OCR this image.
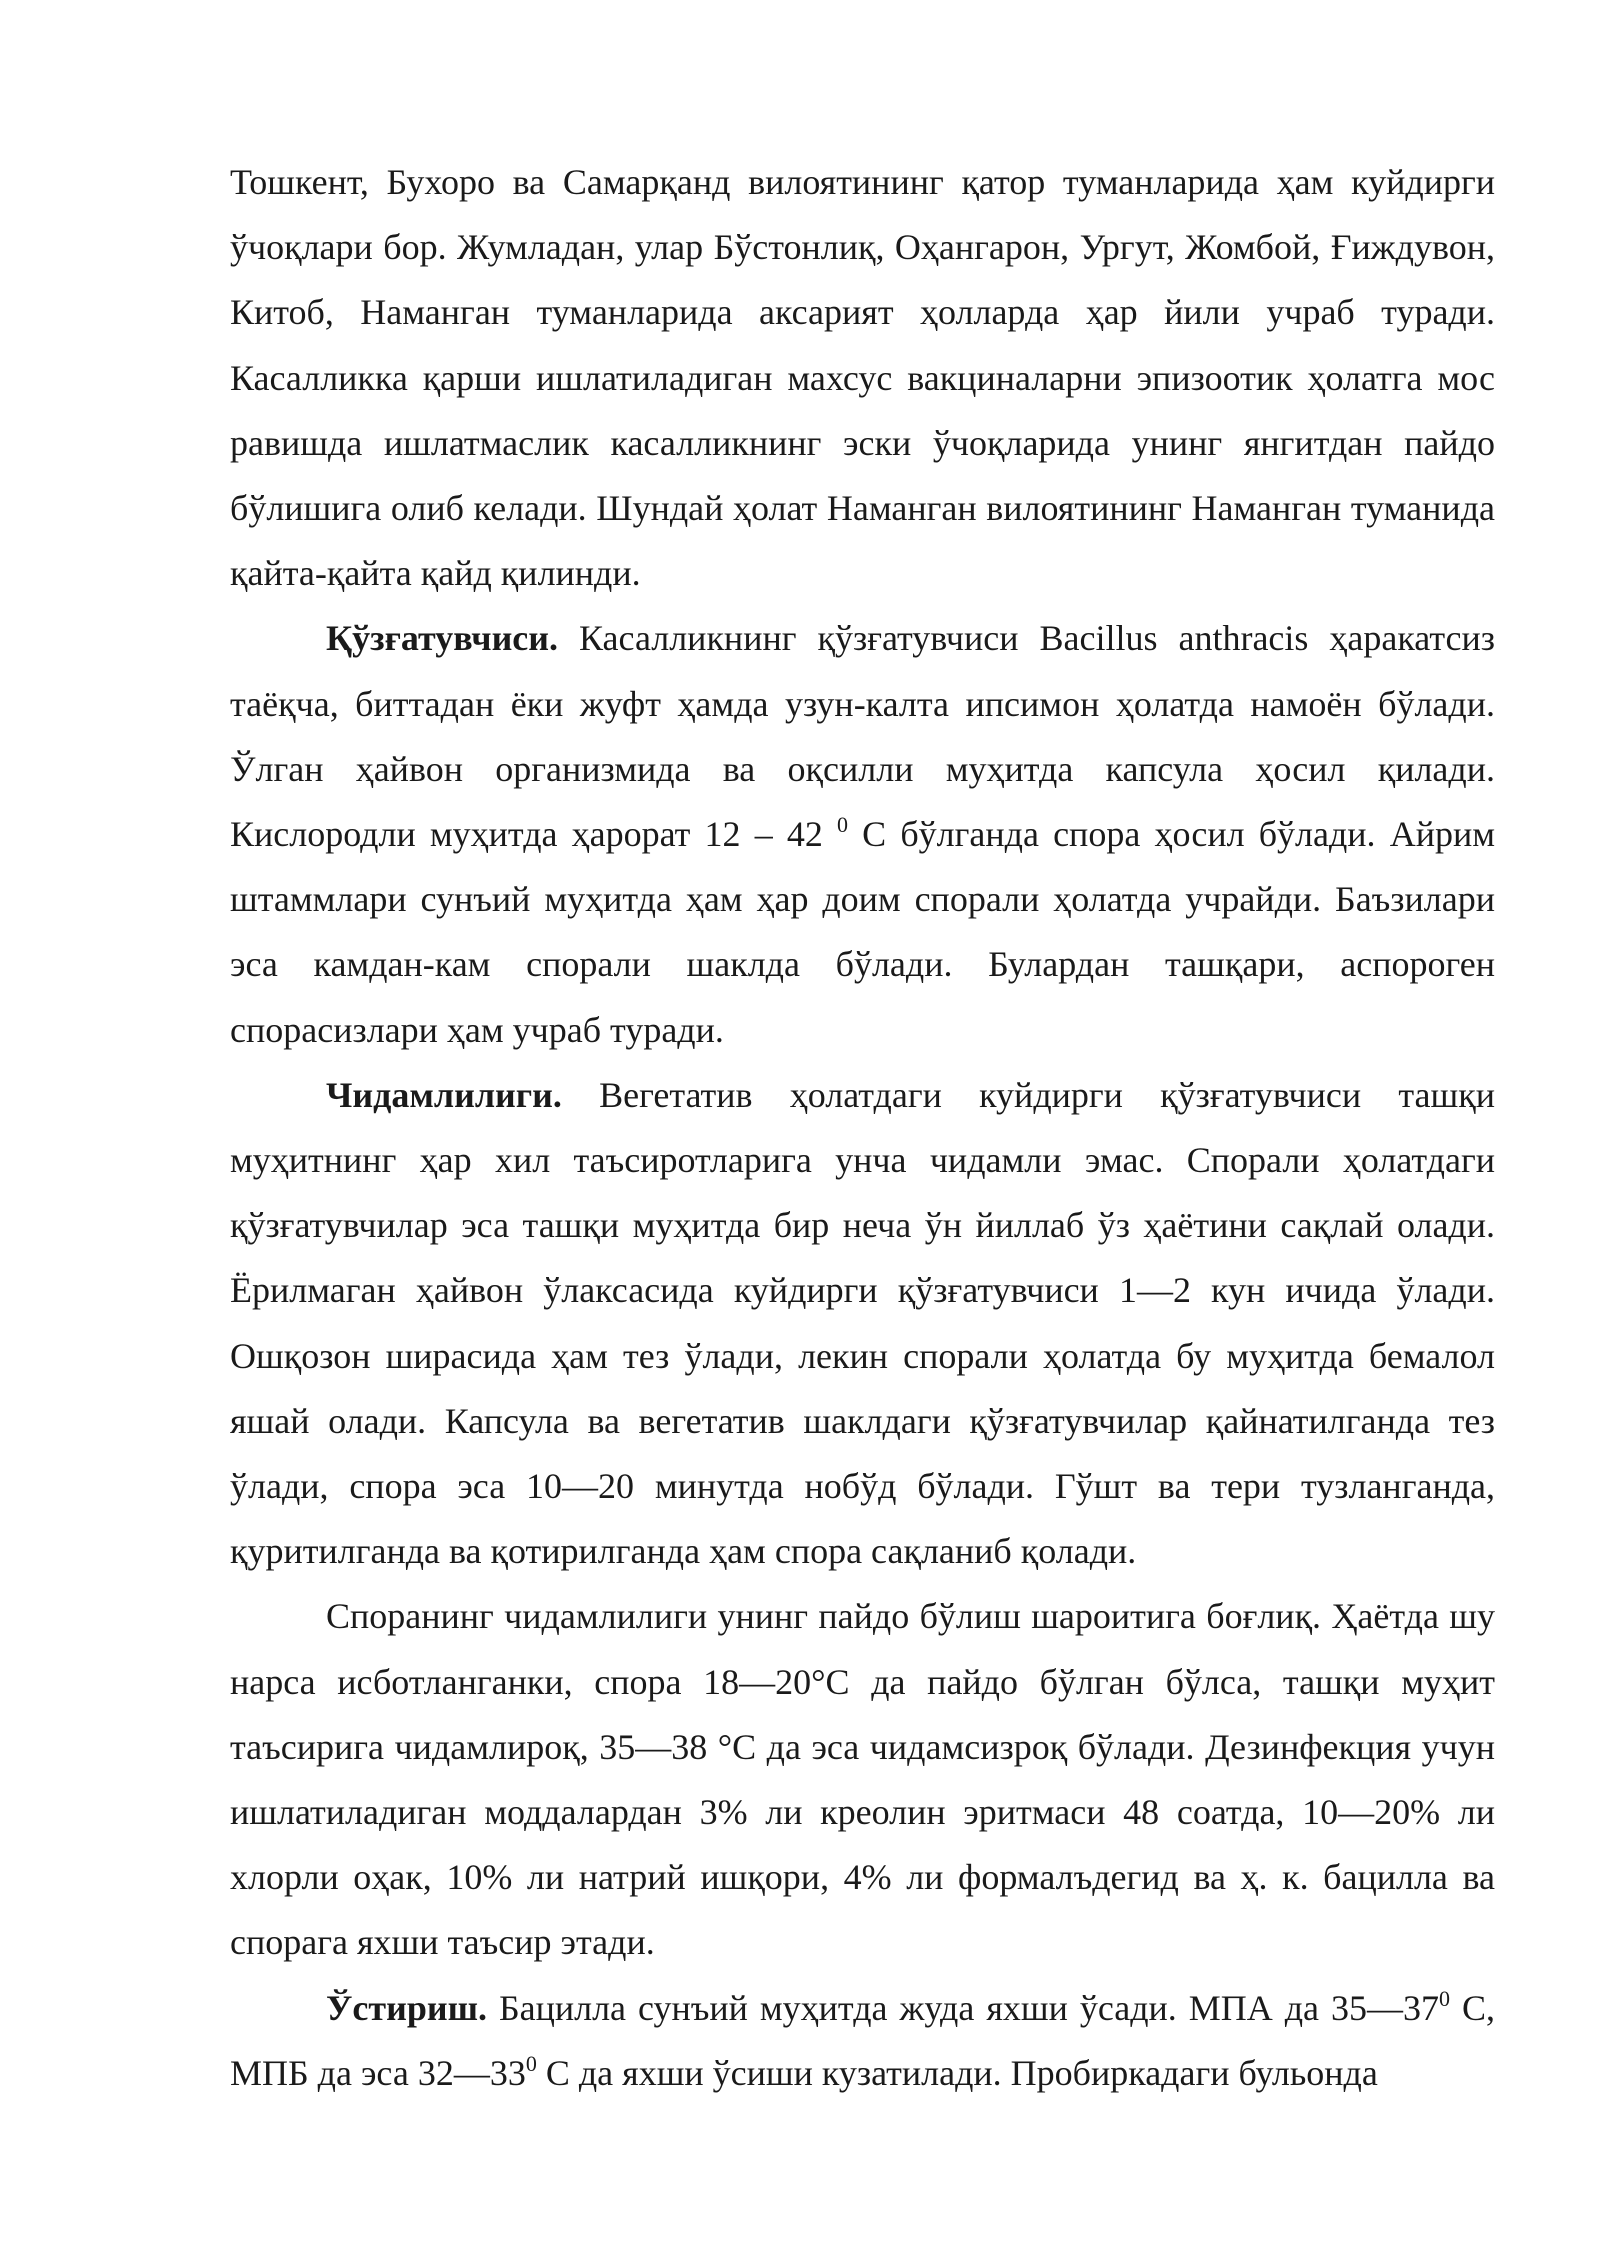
Тошкент, Бухоро ва Самарқанд вилоятининг қатор туманларида ҳам куйдирги ўчоқлари бор. Жумладан, улар Бўстонлиқ, Оҳангарон, Ургут, Жомбой, Ғиждувон, Китоб, Наманган туманларида аксарият ҳолларда ҳар йили учраб туради. Касалликка қарши ишлатиладиган махсус вакциналарни эпизоотик ҳолатга мос равишда ишлатмаслик касалликнинг эски ўчоқларида унинг янгитдан пайдо бўлишига олиб келади. Шундай ҳолат Наманган вилоятининг Наманган туманида қайта-қайта қайд қилинди.

Қўзғатувчиси. Касалликнинг қўзғатувчиси Bacillus anthracis ҳаракатсиз таёқча, биттадан ёки жуфт ҳамда узун-калта ипсимон ҳолатда намоён бўлади. Ўлган ҳайвон организмида ва оқсилли муҳитда капсула ҳосил қилади. Кислородли муҳитда ҳарорат 12 – 42 $^0$ С бўлганда спора ҳосил бўлади. Айрим штаммлари сунъий муҳитда ҳам ҳар доим спорали ҳолатда учрайди. Баъзилари эса камдан-кам спорали шаклда бўлади. Булардан ташқари, аспороген спорасизлари ҳам учраб туради.

Чидамлилиги. Вегетатив ҳолатдаги куйдирги қўзғатувчиси ташқи муҳитнинг ҳар хил таъсиротларига унча чидамли эмас. Спорали ҳолатдаги қўзғатувчилар эса ташқи муҳитда бир неча ўн йиллаб ўз ҳаётини сақлай олади. Ёрилмаган ҳайвон ўлаксасида куйдирги қўзғатувчиси 1—2 кун ичида ўлади. Ошқозон ширасида ҳам тез ўлади, лекин спорали ҳолатда бу муҳитда бемалол яшай олади. Капсула ва вегетатив шаклдаги қўзғатувчилар қайнатилганда тез ўлади, спора эса 10—20 минутда нобўд бўлади. Гўшт ва тери тузланганда, қуритилганда ва қотирилганда ҳам спора сақланиб қолади.

Споранинг чидамлилиги унинг пайдо бўлиш шароитига боғлиқ. Ҳаётда шу нарса исботланганки, спора 18—20°С да пайдо бўлган бўлса, ташқи муҳит таъсирига чидамлироқ, 35—38 °С да эса чидамсизроқ бўлади. Дезинфекция учун ишлатиладиган моддалардан 3% ли креолин эритмаси 48 соатда, 10—20% ли хлорли оҳак, 10% ли натрий ишқори, 4% ли формалъдегид ва ҳ. к. бацилла ва спорага яхши таъсир этади.

Ўстириш. Бацилла сунъий муҳитда жуда яхши ўсади. МПА да $35—37^0$ С, МПБ да эса $32—33^0$ С да яхши ўсиши кузатилади. Пробиркадаги бульонда
